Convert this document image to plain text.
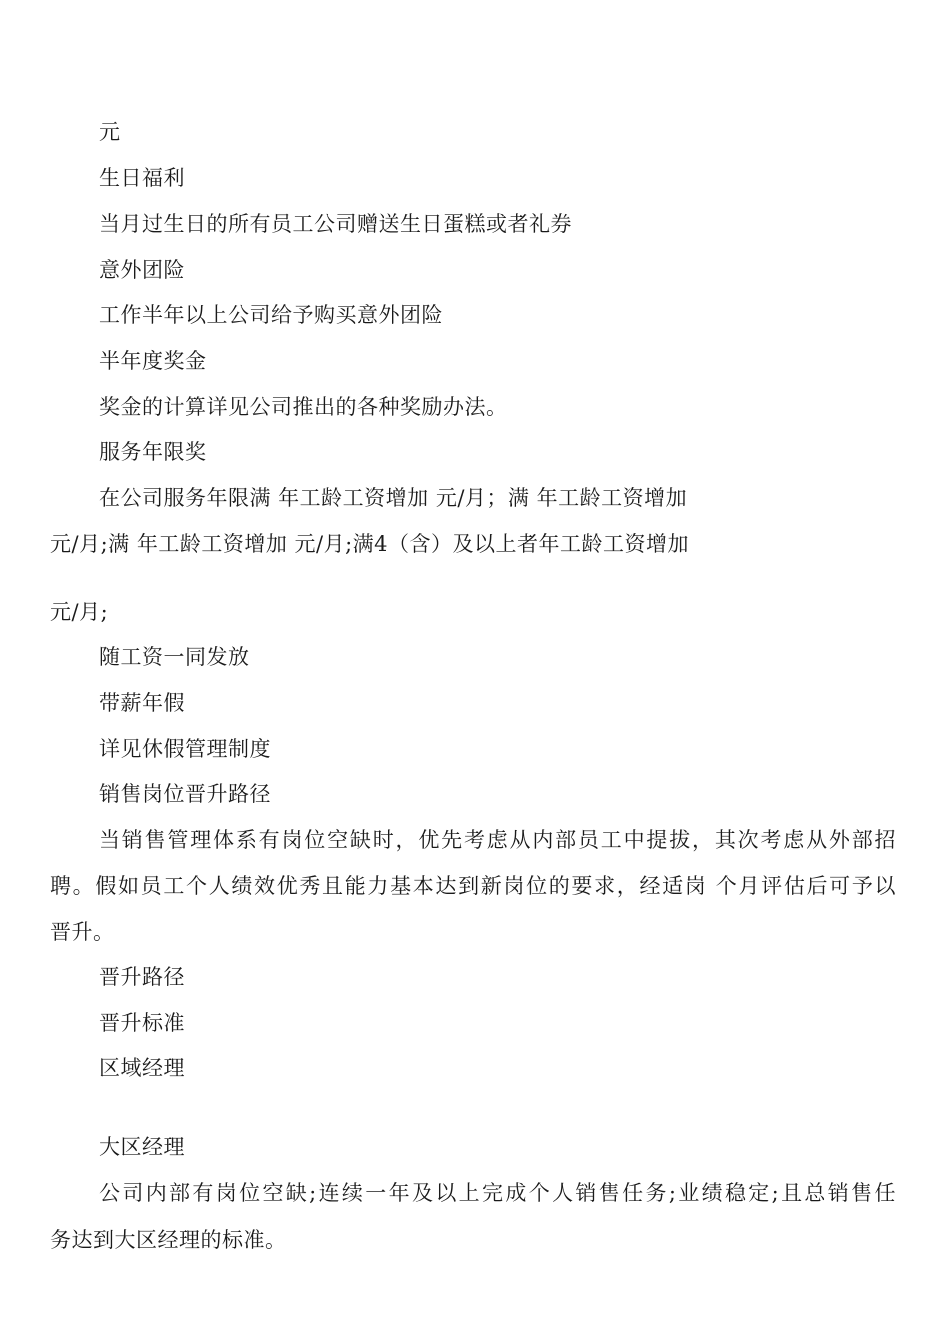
元
生日福利
当月过生日的所有员工公司赠送生日蛋糕或者礼券
意外团险
工作半年以上公司给予购买意外团险
半年度奖金
奖金的计算详见公司推出的各种奖励办法。
服务年限奖
在公司服务年限满 年工龄工资增加 元/月；满 年工龄工资增加
元/月;满 年工龄工资增加 元/月;满4（含）及以上者年工龄工资增加
元/月;
随工资一同发放
带薪年假
详见休假管理制度
销售岗位晋升路径
当销售管理体系有岗位空缺时，优先考虑从内部员工中提拔，其次考虑从外部招
聘。假如员工个人绩效优秀且能力基本达到新岗位的要求，经适岗 个月评估后可予以
晋升。
晋升路径
晋升标准
区域经理
大区经理
公司内部有岗位空缺;连续一年及以上完成个人销售任务;业绩稳定;且总销售任
务达到大区经理的标准。
